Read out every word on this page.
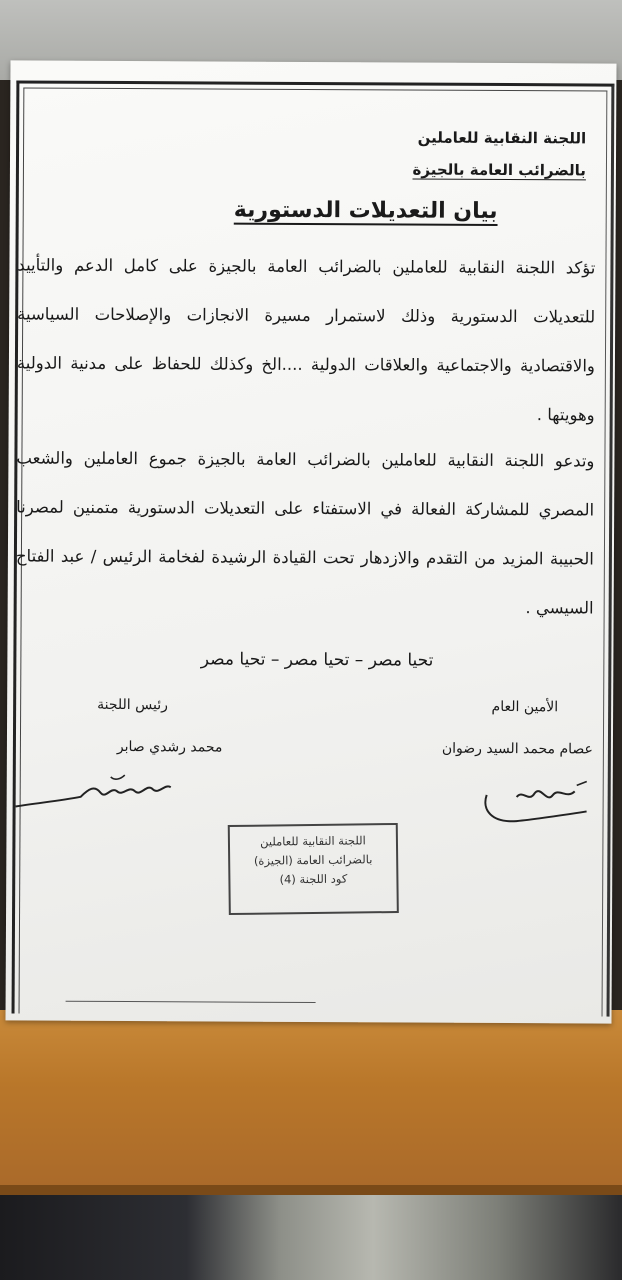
اللجنة النقابية للعاملين
بالضرائب العامة بالجيزة
بيان التعديلات الدستورية
تؤكد اللجنة النقابية للعاملين بالضرائب العامة بالجيزة على كامل الدعم والتأييد للتعديلات الدستورية وذلك لاستمرار مسيرة الانجازات والإصلاحات السياسية والاقتصادية والاجتماعية والعلاقات الدولية ....الخ وكذلك للحفاظ على مدنية الدولية وهويتها .
وتدعو اللجنة النقابية للعاملين بالضرائب العامة بالجيزة جموع العاملين والشعب المصري للمشاركة الفعالة في الاستفتاء على التعديلات الدستورية متمنين لمصرنا الحبيبة المزيد من التقدم والازدهار تحت القيادة الرشيدة لفخامة الرئيس / عبد الفتاح السيسي .
تحيا مصر – تحيا مصر – تحيا مصر
رئيس اللجنة	الأمين العام
محمد رشدي صابر	عصام محمد السيد رضوان
اللجنة النقابية للعاملين
بالضرائب العامة (الجيزة)
كود اللجنة (4)
